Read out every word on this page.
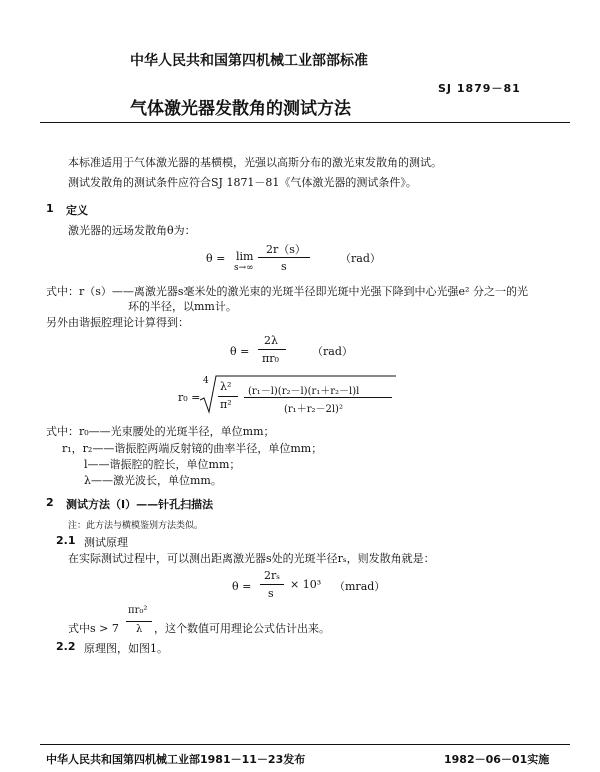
中华人民共和国第四机械工业部部标准
SJ 1879－81
气体激光器发散角的测试方法
本标准适用于气体激光器的基横模，光强以高斯分布的激光束发散角的测试。
测试发散角的测试条件应符合SJ 1871－81《气体激光器的测试条件》。
1 定义
激光器的远场发散角θ为：
θ = lim
s→∞
2r（s）
s
（rad）
式中：r（s）——离激光器s毫米处的激光束的光斑半径即光斑中光强下降到中心光强e² 分之一的光
环的半径，以mm计。
另外由谐振腔理论计算得到：
θ =
2λ
πr₀
（rad）
r₀ =
4 λ²
π²
(r₁－l)(r₂－l)(r₁＋r₂－l)l
(r₁＋r₂－2l)²
式中：r₀——光束腰处的光斑半径，单位mm；
r₁，r₂——谐振腔两端反射镜的曲率半径，单位mm；
l——谐振腔的腔长，单位mm；
λ——激光波长，单位mm。
2 测试方法（Ⅰ）——针孔扫描法
注：此方法与横模鉴别方法类似。
2.1 测试原理
在实际测试过程中，可以测出距离激光器s处的光斑半径rₛ，则发散角就是：
θ =
2rₛ
s
× 10³ （mrad）
式中s > 7
πr₀²
λ ，这个数值可用理论公式估计出来。
2.2 原理图，如图1。
中华人民共和国第四机械工业部1981－11－23发布	1982－06－01实施
